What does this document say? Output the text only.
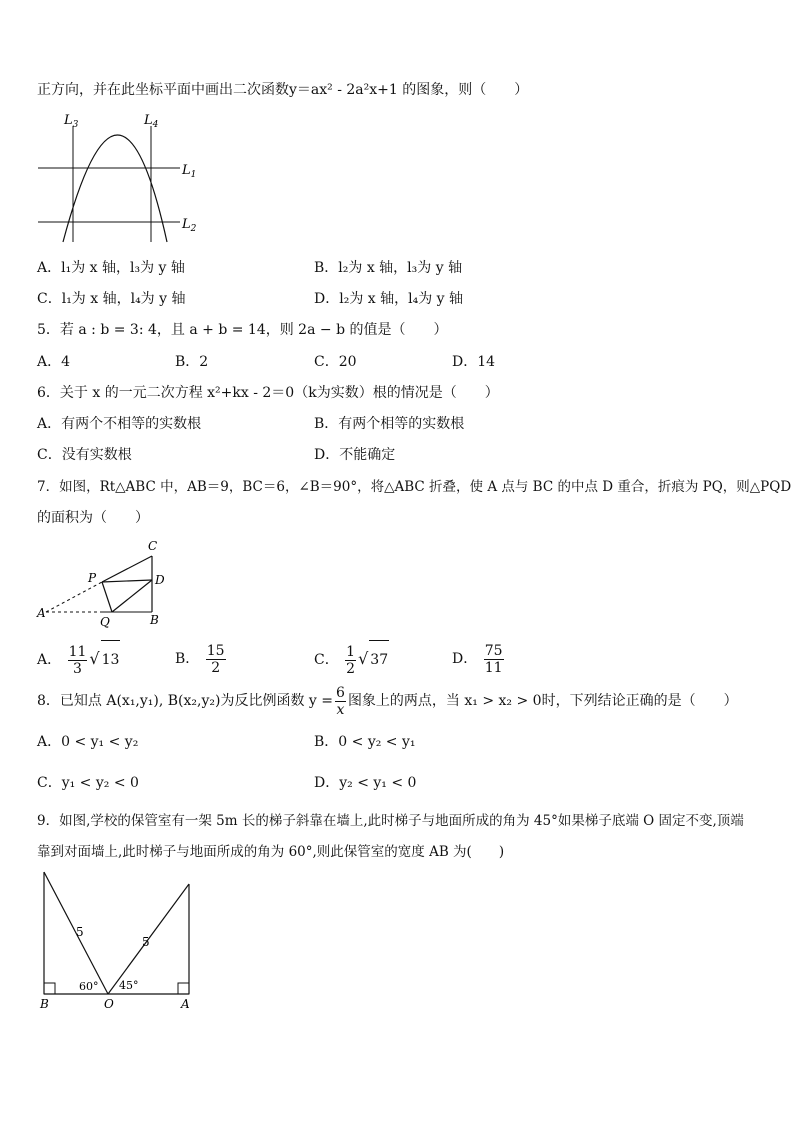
正方向，并在此坐标平面中画出二次函数y＝ax² - 2a²x+1 的图象，则（　　）
$L_3$	$L_4$
$L_1$
$L_2$
A．l₁为 x 轴，l₃为 y 轴	B．l₂为 x 轴，l₃为 y 轴
C．l₁为 x 轴，l₄为 y 轴	D．l₂为 x 轴，l₄为 y 轴
5．若 a : b = 3: 4，且 a + b = 14，则 2a − b 的值是（　　）
A．4	B．2	C．20	D．14
6．关于 x 的一元二次方程 x²+kx - 2＝0（k为实数）根的情况是（　　）
A．有两个不相等的实数根	B．有两个相等的实数根
C．没有实数根	D．不能确定
7．如图，Rt△ABC 中，AB＝9，BC＝6，∠B＝90°，将△ABC 折叠，使 A 点与 BC 的中点 D 重合，折痕为 PQ，则△PQD
的面积为（　　）
C
P	D
A
Q	B
A． $\frac{11}{3}$ √ 13	B． $\frac{15}{2}$	C． $\frac{1}{2}$ √ 37	D． $\frac{75}{11}$
8．已知点 A(x₁,y₁), B(x₂,y₂)为反比例函数 $y = \frac{6}{x}$ 图象上的两点，当 x₁ > x₂ > 0时，下列结论正确的是（　　）
A．0 < y₁ < y₂	B．0 < y₂ < y₁
C．y₁ < y₂ < 0	D．y₂ < y₁ < 0
9．如图,学校的保管室有一架 5m 长的梯子斜靠在墙上,此时梯子与地面所成的角为 45°如果梯子底端 O 固定不变,顶端
靠到对面墙上,此时梯子与地面所成的角为 60°,则此保管室的宽度 AB 为(　　)
5
5
60° 45°
B	O	A
